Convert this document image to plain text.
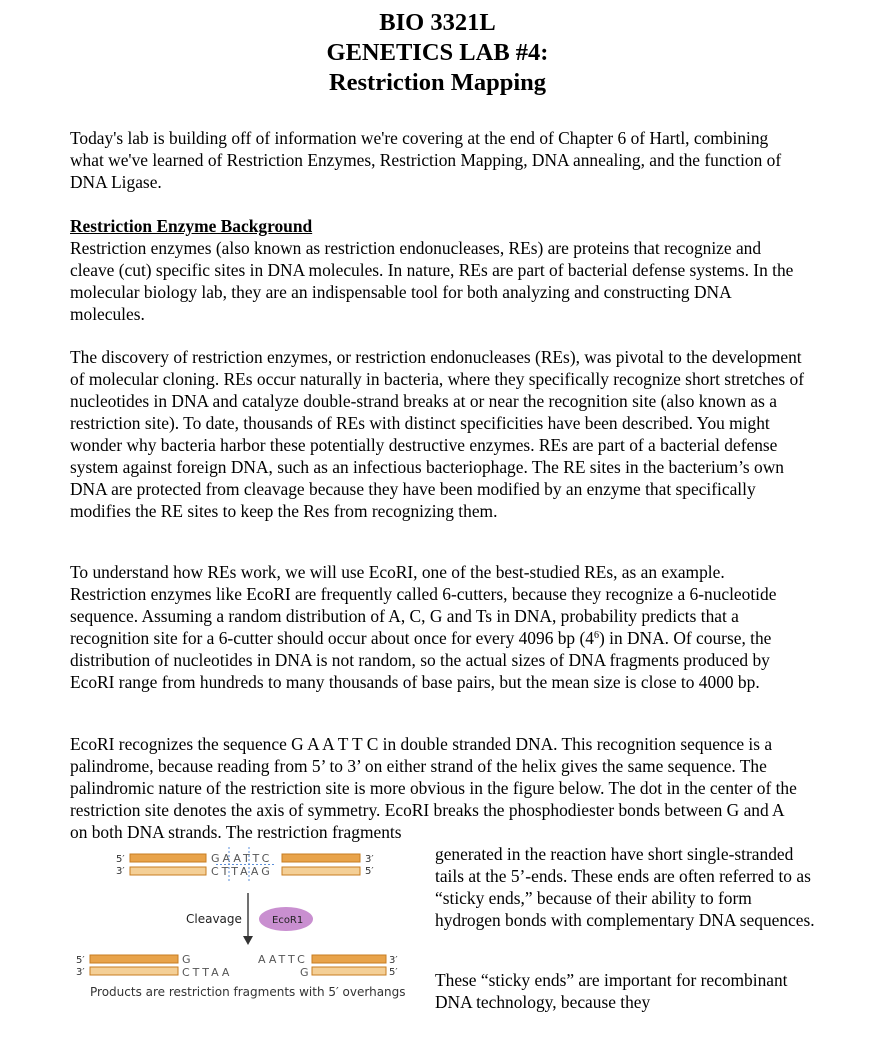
BIO 3321L
GENETICS LAB #4:
Restriction Mapping

Today's lab is building off of information we're covering at the end of Chapter 6 of Hartl, combining what we've learned of Restriction Enzymes, Restriction Mapping, DNA annealing, and the function of DNA Ligase.

Restriction Enzyme Background

Restriction enzymes (also known as restriction endonucleases, REs) are proteins that recognize and cleave (cut) specific sites in DNA molecules. In nature, REs are part of bacterial defense systems. In the molecular biology lab, they are an indispensable tool for both analyzing and constructing DNA molecules.

The discovery of restriction enzymes, or restriction endonucleases (REs), was pivotal to the development of molecular cloning. REs occur naturally in bacteria, where they specifically recognize short stretches of nucleotides in DNA and catalyze double-strand breaks at or near the recognition site (also known as a restriction site). To date, thousands of REs with distinct specificities have been described. You might wonder why bacteria harbor these potentially destructive enzymes. REs are part of a bacterial defense system against foreign DNA, such as an infectious bacteriophage. The RE sites in the bacterium’s own DNA are protected from cleavage because they have been modified by an enzyme that specifically modifies the RE sites to keep the Res from recognizing them.

To understand how REs work, we will use EcoRI, one of the best-studied REs, as an example. Restriction enzymes like EcoRI are frequently called 6-cutters, because they recognize a 6-nucleotide sequence. Assuming a random distribution of A, C, G and Ts in DNA, probability predicts that a recognition site for a 6-cutter should occur about once for every 4096 bp $(4^6)$ in DNA. Of course, the distribution of nucleotides in DNA is not random, so the actual sizes of DNA fragments produced by EcoRI range from hundreds to many thousands of base pairs, but the mean size is close to 4000 bp.

EcoRI recognizes the sequence G A A T T C in double stranded DNA. This recognition sequence is a palindrome, because reading from 5’ to 3’ on either strand of the helix gives the same sequence. The palindromic nature of the restriction site is more obvious in the figure below. The dot in the center of the restriction site denotes the axis of symmetry. EcoRI breaks the phosphodiester bonds between G and A on both DNA strands. The restriction fragments

generated in the reaction have short single-stranded tails at the 5’-ends. These ends are often referred to as “sticky ends,” because of their ability to form hydrogen bonds with complementary DNA sequences.

These “sticky ends” are important for recombinant DNA technology, because they

5′
3′
GAATTC
CTTAAG
3′
5′
Cleavage	EcoR1
5′
3′
G
CTTAA
AATTC
G
3′
5′
Products are restriction fragments with 5′ overhangs
